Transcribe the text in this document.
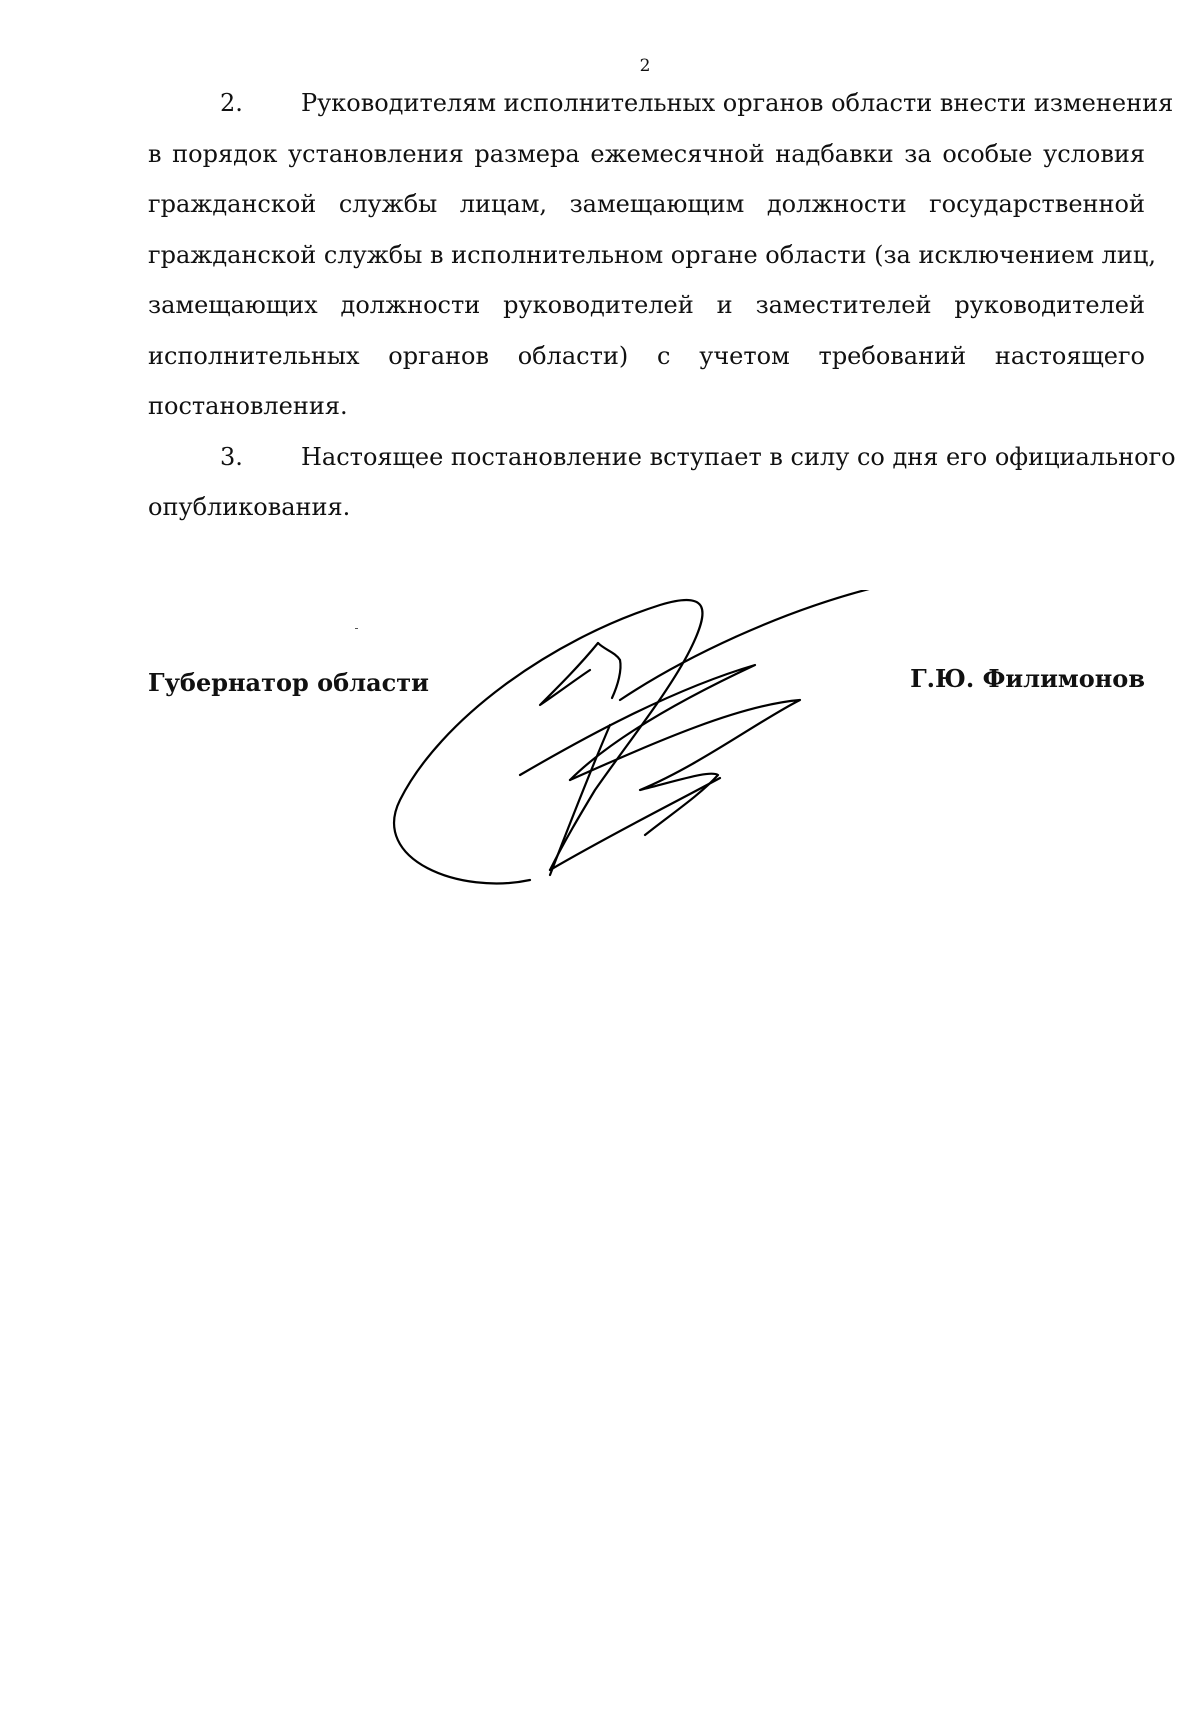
2
2. Руководителям исполнительных органов области внести изменения
в порядок установления размера ежемесячной надбавки за особые условия
гражданской службы лицам, замещающим должности государственной
гражданской службы в исполнительном органе области (за исключением лиц,
замещающих должности руководителей и заместителей руководителей
исполнительных органов области) с учетом требований настоящего
постановления.
3. Настоящее постановление вступает в силу со дня его официального
опубликования.
Губернатор области	Г.Ю. Филимонов
